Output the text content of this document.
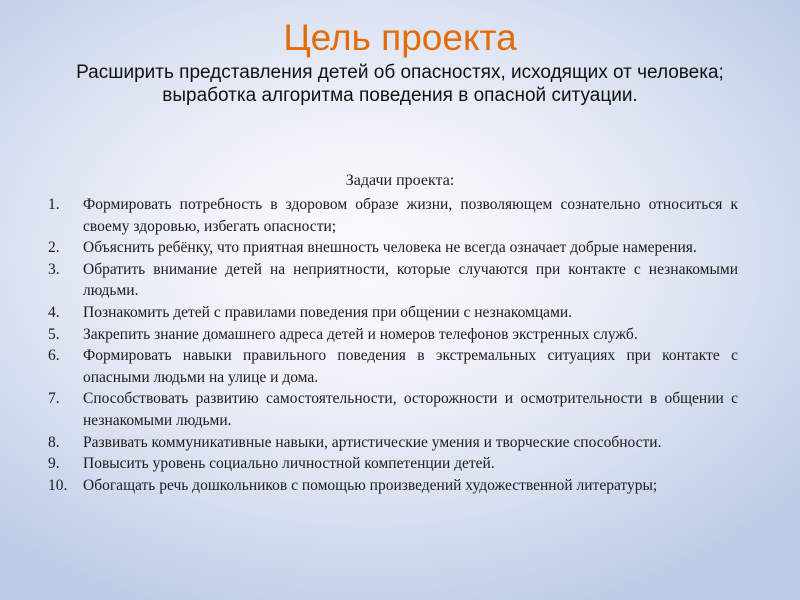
Цель проекта
Расширить представления детей об опасностях, исходящих от человека;
выработка алгоритма поведения в опасной ситуации.
Задачи проекта:
1.	Формировать потребность в здоровом образе жизни, позволяющем сознательно относиться к своему здоровью, избегать опасности;
2.	Объяснить ребёнку, что приятная внешность человека не всегда означает добрые намерения.
3.	Обратить внимание детей на неприятности, которые случаются при контакте с незнакомыми людьми.
4.	Познакомить детей с правилами поведения при общении с незнакомцами.
5.	Закрепить знание домашнего адреса детей и номеров телефонов экстренных служб.
6.	Формировать навыки правильного поведения в экстремальных ситуациях при контакте с опасными людьми на улице и дома.
7.	Способствовать развитию самостоятельности, осторожности и осмотрительности в общении с незнакомыми людьми.
8.	Развивать коммуникативные навыки, артистические умения и творческие способности.
9.	Повысить уровень социально личностной компетенции детей.
10.	Обогащать речь дошкольников с помощью произведений художественной литературы;
